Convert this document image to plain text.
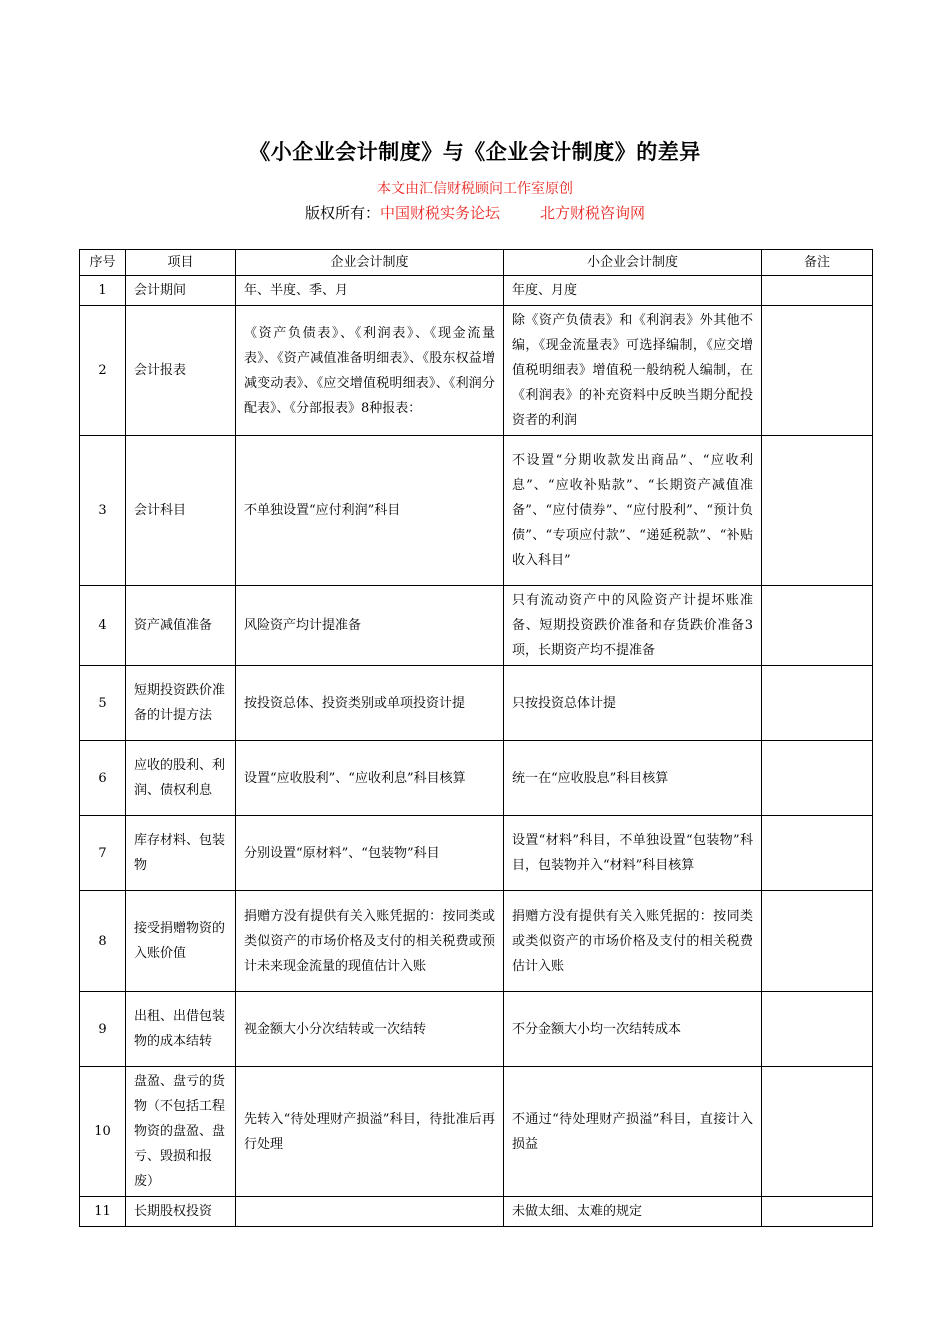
《小企业会计制度》与《企业会计制度》的差异
本文由汇信财税顾问工作室原创
版权所有：中国财税实务论坛	北方财税咨询网
序号	项目	企业会计制度	小企业会计制度	备注
1	会计期间	年、半度、季、月	年度、月度	
2	会计报表	《资产负债表》、《利润表》、《现金流量表》、《资产减值准备明细表》、《股东权益增减变动表》、《应交增值税明细表》、《利润分配表》、《分部报表》8种报表：	除《资产负债表》和《利润表》外其他不编，《现金流量表》可选择编制，《应交增值税明细表》增值税一般纳税人编制，在《利润表》的补充资料中反映当期分配投资者的利润	
3	会计科目	不单独设置“应付利润”科目	不设置“分期收款发出商品”、“应收利息”、“应收补贴款”、“长期资产减值准备”、“应付债券”、“应付股利”、“预计负债”、“专项应付款”、“递延税款”、“补贴收入科目”	
4	资产减值准备	风险资产均计提准备	只有流动资产中的风险资产计提坏账准备、短期投资跌价准备和存货跌价准备3项，长期资产均不提准备	
5	短期投资跌价准备的计提方法	按投资总体、投资类别或单项投资计提	只按投资总体计提	
6	应收的股利、利润、债权利息	设置“应收股利”、“应收利息”科目核算	统一在“应收股息”科目核算	
7	库存材料、包装物	分别设置“原材料”、“包装物”科目	设置“材料”科目，不单独设置“包装物”科目，包装物并入“材料”科目核算	
8	接受捐赠物资的入账价值	捐赠方没有提供有关入账凭据的：按同类或类似资产的市场价格及支付的相关税费或预计未来现金流量的现值估计入账	捐赠方没有提供有关入账凭据的：按同类或类似资产的市场价格及支付的相关税费估计入账	
9	出租、出借包装物的成本结转	视金额大小分次结转或一次结转	不分金额大小均一次结转成本	
10	盘盈、盘亏的货物（不包括工程物资的盘盈、盘亏、毁损和报废）	先转入“待处理财产损溢”科目，待批准后再行处理	不通过“待处理财产损溢”科目，直接计入损益	
11	长期股权投资		未做太细、太难的规定	
